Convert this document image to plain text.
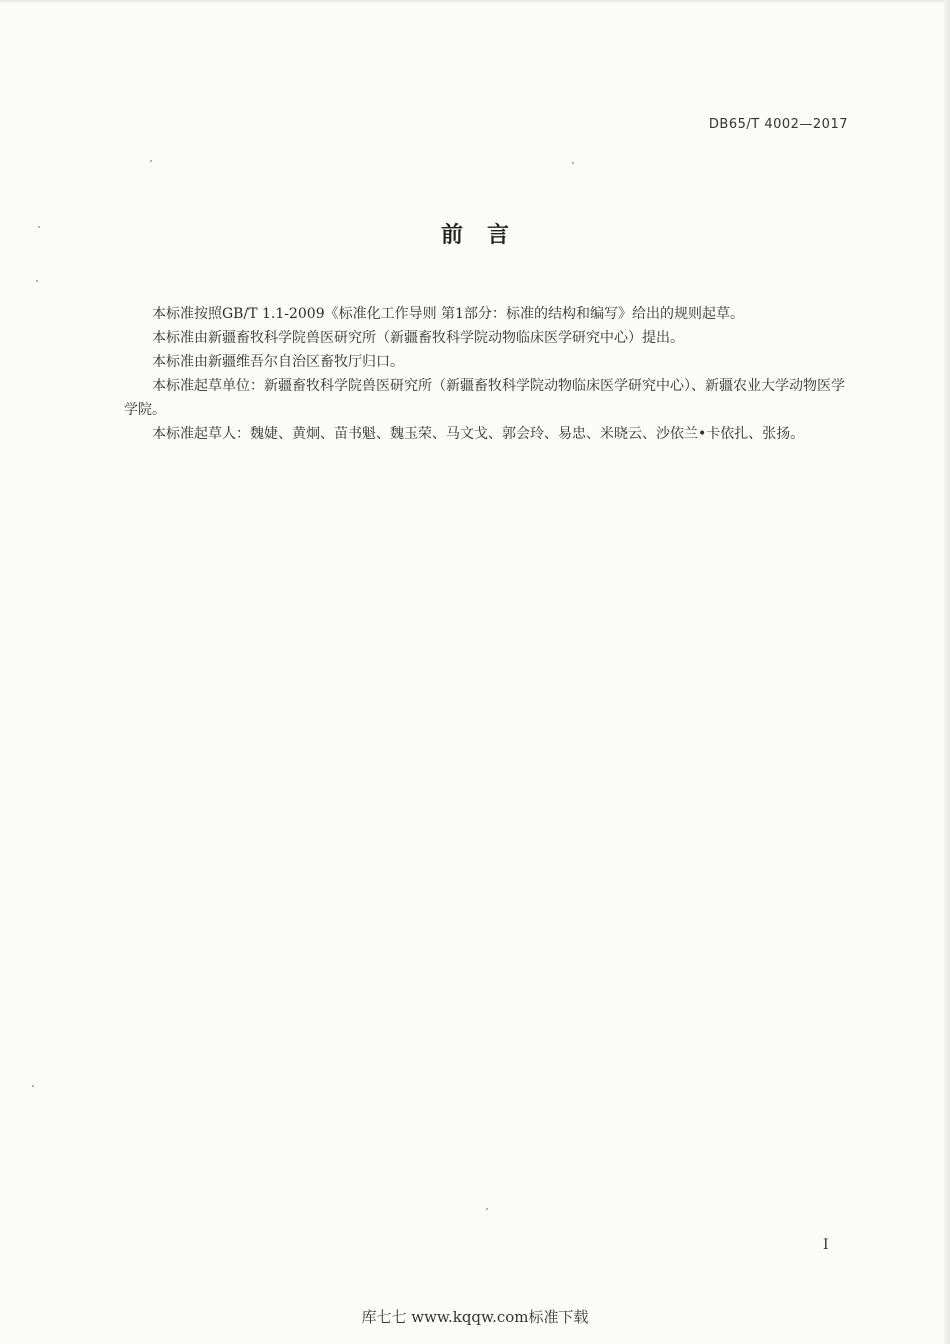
DB65/T 4002—2017
前言

本标准按照GB/T 1.1-2009《标准化工作导则 第1部分：标准的结构和编写》给出的规则起草。

本标准由新疆畜牧科学院兽医研究所（新疆畜牧科学院动物临床医学研究中心）提出。

本标准由新疆维吾尔自治区畜牧厅归口。

本标准起草单位：新疆畜牧科学院兽医研究所（新疆畜牧科学院动物临床医学研究中心）、新疆农业大学动物医学学院。

本标准起草人：魏婕、黄炯、苗书魁、魏玉荣、马文戈、郭会玲、易忠、米晓云、沙依兰•卡依扎、张扬。

I
库七七 www.kqqw.com标准下载
